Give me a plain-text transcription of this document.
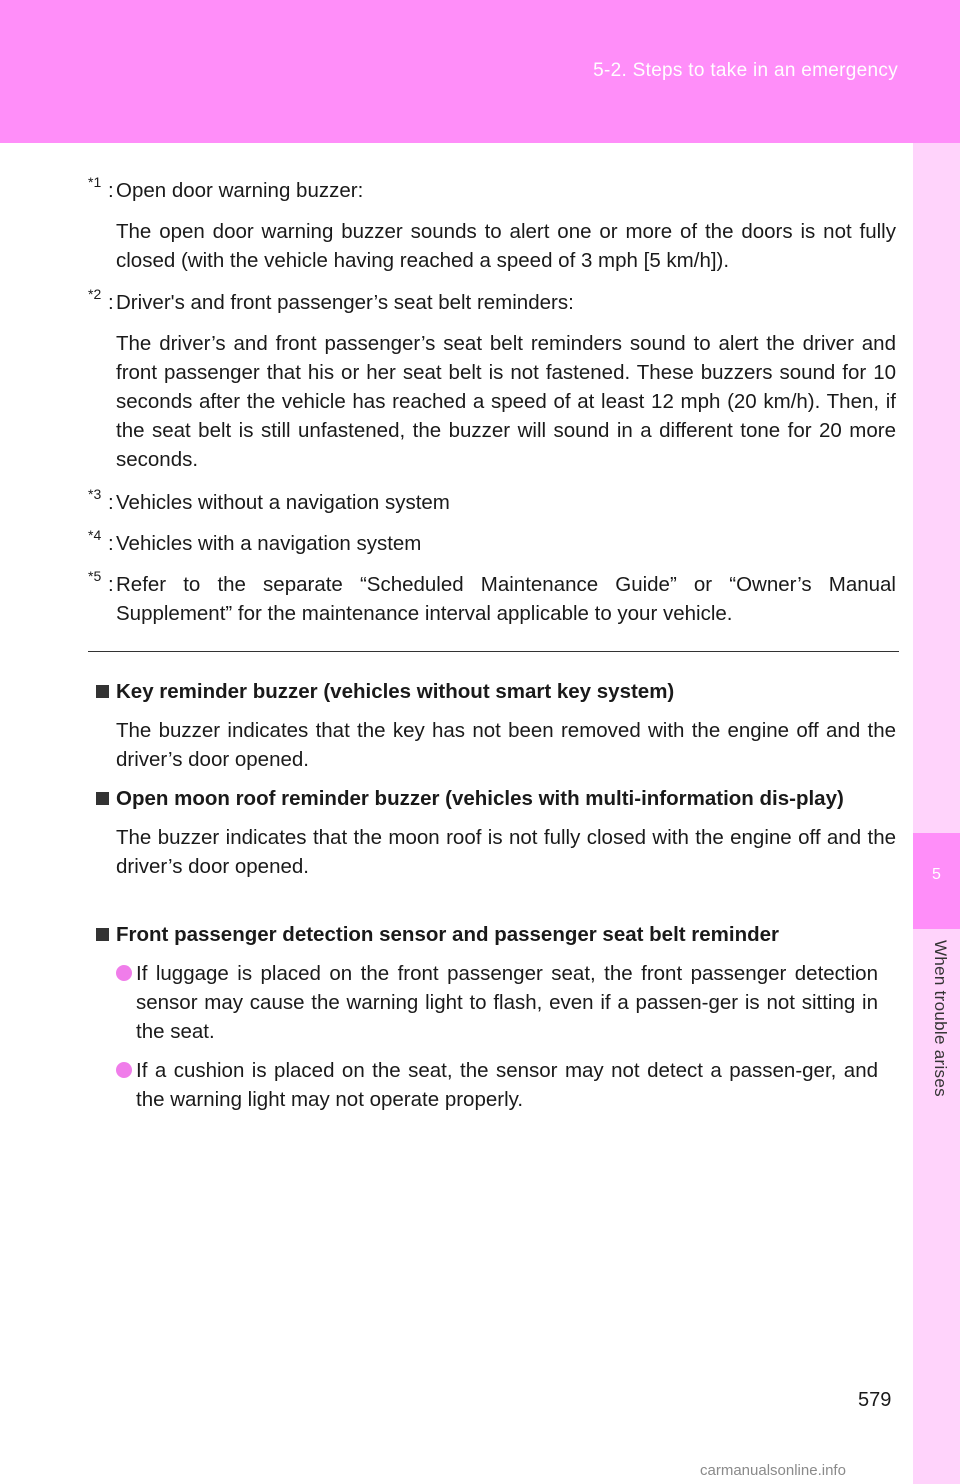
5-2. Steps to take in an emergency
5
When trouble arises
*1 : Open door warning buzzer:
The open door warning buzzer sounds to alert one or more of the doors is not fully closed (with the vehicle having reached a speed of 3 mph [5 km/h]).
*2 : Driver's and front passenger’s seat belt reminders:
The driver’s and front passenger’s seat belt reminders sound to alert the driver and front passenger that his or her seat belt is not fastened. These buzzers sound for 10 seconds after the vehicle has reached a speed of at least 12 mph (20 km/h). Then, if the seat belt is still unfastened, the buzzer will sound in a different tone for 20 more seconds.
*3 : Vehicles without a navigation system
*4 : Vehicles with a navigation system
*5 : Refer to the separate “Scheduled Maintenance Guide” or “Owner’s Manual Supplement” for the maintenance interval applicable to your vehicle.
Key reminder buzzer (vehicles without smart key system)
The buzzer indicates that the key has not been removed with the engine off and the driver’s door opened.
Open moon roof reminder buzzer (vehicles with multi-information dis-play)
The buzzer indicates that the moon roof is not fully closed with the engine off and the driver’s door opened.
Front passenger detection sensor and passenger seat belt reminder
If luggage is placed on the front passenger seat, the front passenger detection sensor may cause the warning light to flash, even if a passen-ger is not sitting in the seat.
If a cushion is placed on the seat, the sensor may not detect a passen-ger, and the warning light may not operate properly.
579
carmanualsonline.info
